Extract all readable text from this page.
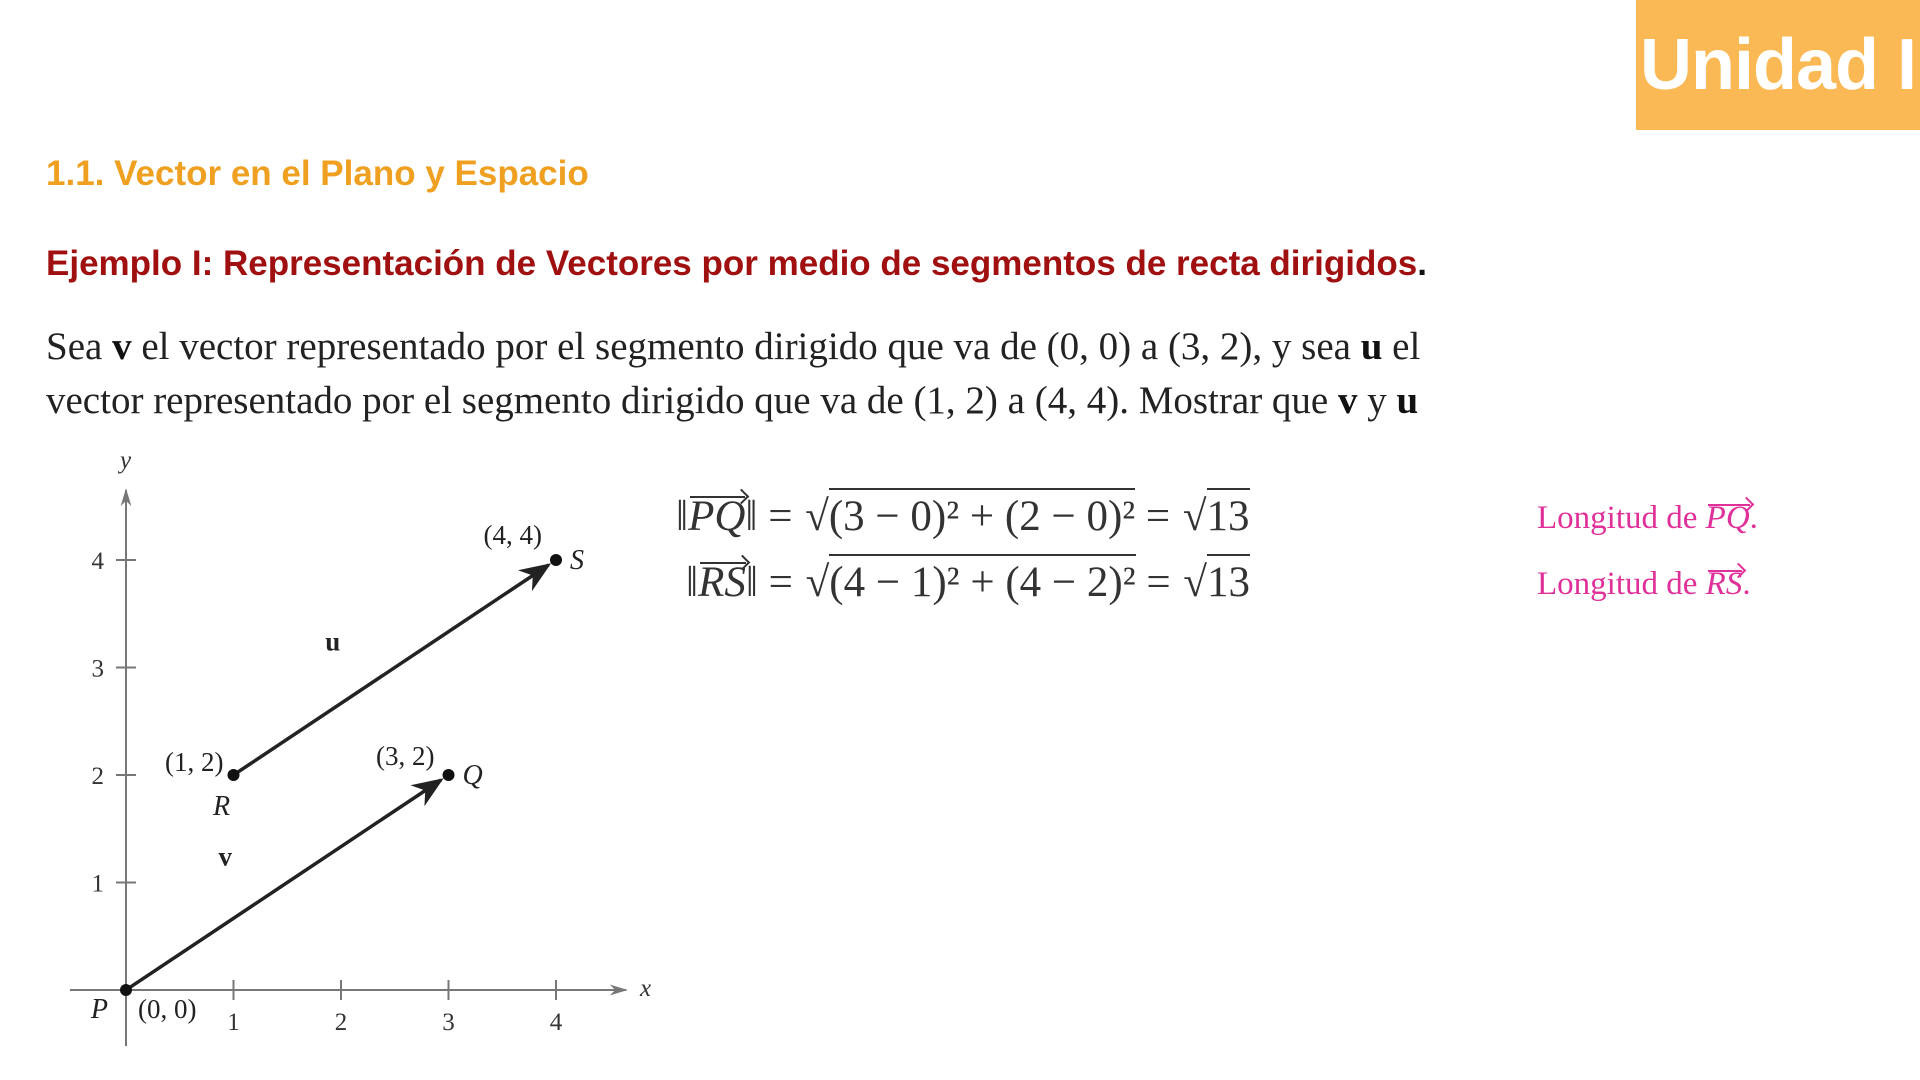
Unidad I
1.1. Vector en el Plano y Espacio
Ejemplo I: Representación de Vectores por medio de segmentos de recta dirigidos.
Sea v el vector representado por el segmento dirigido que va de (0, 0) a (3, 2), y sea u el
vector representado por el segmento dirigido que va de (1, 2) a (4, 4). Mostrar que v y u
x
y
1	2	3	4
1
2
3
4
v
u
P (0, 0)
Q
(3, 2)
R
(1, 2)
S
(4, 4)	‖PQ‖ = √(3 − 0)² + (2 − 0)² = √13
‖RS‖ = √(4 − 1)² + (4 − 2)² = √13
Longitud de PQ.
Longitud de RS.
